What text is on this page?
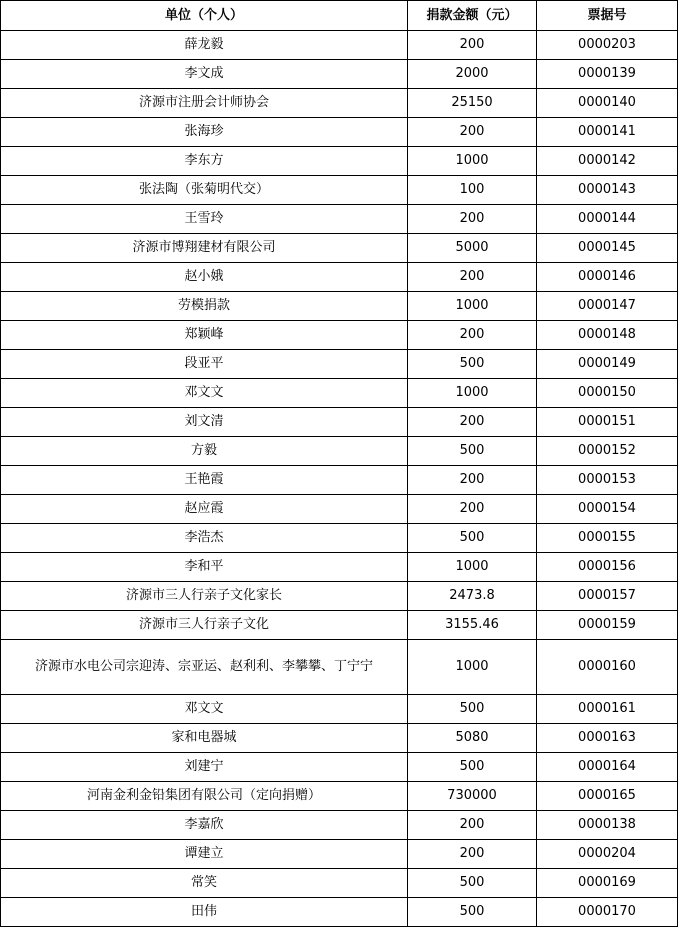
单位（个人）	捐款金额（元）	票据号
薛龙毅	200	0000203
李文成	2000	0000139
济源市注册会计师协会	25150	0000140
张海珍	200	0000141
李东方	1000	0000142
张法陶（张菊明代交）	100	0000143
王雪玲	200	0000144
济源市博翔建材有限公司	5000	0000145
赵小娥	200	0000146
劳模捐款	1000	0000147
郑颖峰	200	0000148
段亚平	500	0000149
邓文文	1000	0000150
刘文清	200	0000151
方毅	500	0000152
王艳霞	200	0000153
赵应霞	200	0000154
李浩杰	500	0000155
李和平	1000	0000156
济源市三人行亲子文化家长	2473.8	0000157
济源市三人行亲子文化	3155.46	0000159
济源市水电公司宗迎涛、宗亚运、赵利利、李攀攀、丁宁宁	1000	0000160
邓文文	500	0000161
家和电器城	5080	0000163
刘建宁	500	0000164
河南金利金铅集团有限公司（定向捐赠）	730000	0000165
李嘉欣	200	0000138
谭建立	200	0000204
常笑	500	0000169
田伟	500	0000170
